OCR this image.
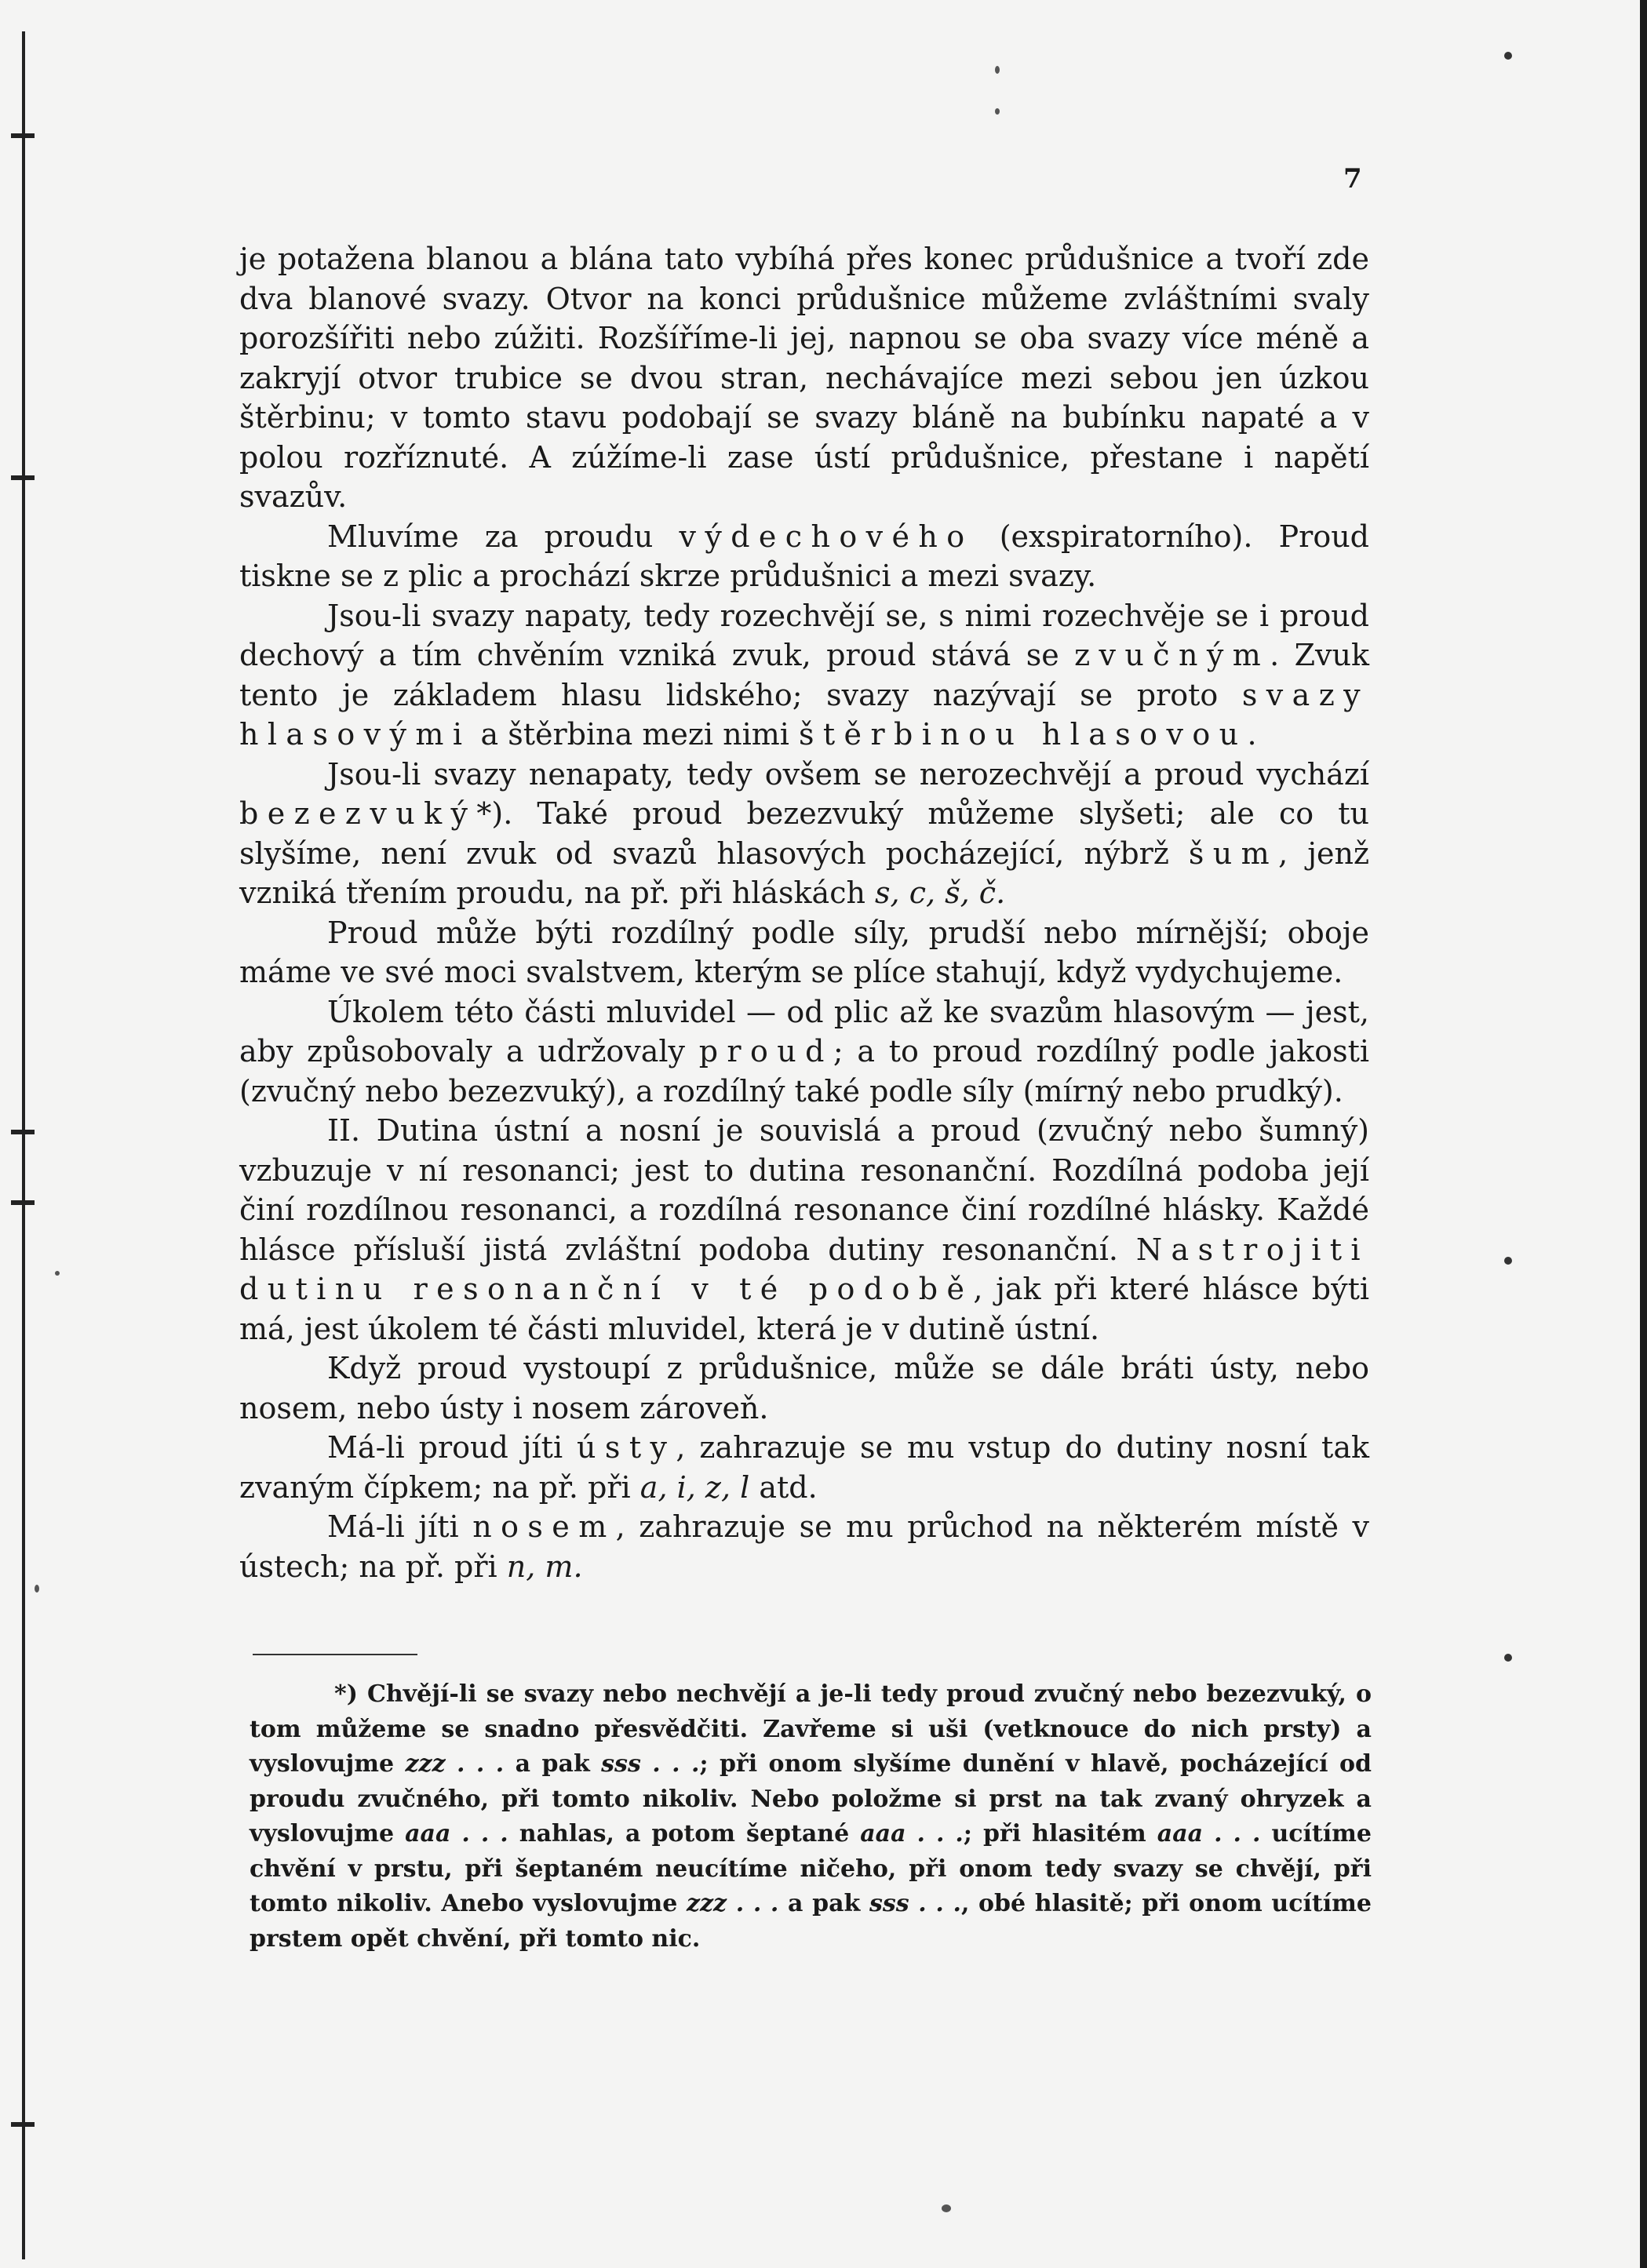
7

je potažena blanou a blána tato vybíhá přes konec průdušnice a tvoří zde dva blanové svazy. Otvor na konci průdušnice můžeme zvláštními svaly porozšířiti nebo zúžiti. Rozšíříme-li jej, napnou se oba svazy více méně a zakryjí otvor trubice se dvou stran, nechávajíce mezi sebou jen úzkou štěrbinu; v tomto stavu podobají se svazy bláně na bubínku napaté a v polou rozříznuté. A zúžíme-li zase ústí průdušnice, přestane i napětí svazův.

Mluvíme za proudu výdechového (exspiratorního). Proud tiskne se z plic a prochází skrze průdušnici a mezi svazy.

Jsou-li svazy napaty, tedy rozechvějí se, s nimi rozechvěje se i proud dechový a tím chvěním vzniká zvuk, proud stává se zvučným. Zvuk tento je základem hlasu lidského; svazy nazývají se proto svazy hlasovými a štěrbina mezi nimi štěrbinou hlasovou.

Jsou-li svazy nenapaty, tedy ovšem se nerozechvějí a proud vychází bezezvuký*). Také proud bezezvuký můžeme slyšeti; ale co tu slyšíme, není zvuk od svazů hlasových pocházející, nýbrž šum, jenž vzniká třením proudu, na př. při hláskách s, c, š, č.

Proud může býti rozdílný podle síly, prudší nebo mírnější; oboje máme ve své moci svalstvem, kterým se plíce stahují, když vydychujeme.

Úkolem této části mluvidel — od plic až ke svazům hlasovým — jest, aby způsobovaly a udržovaly proud; a to proud rozdílný podle jakosti (zvučný nebo bezezvuký), a rozdílný také podle síly (mírný nebo prudký).

II. Dutina ústní a nosní je souvislá a proud (zvučný nebo šumný) vzbuzuje v ní resonanci; jest to dutina resonanční. Rozdílná podoba její činí rozdílnou resonanci, a rozdílná resonance činí rozdílné hlásky. Každé hlásce přísluší jistá zvláštní podoba dutiny resonanční. Nastrojiti dutinu resonanční v té podobě, jak při které hlásce býti má, jest úkolem té části mluvidel, která je v dutině ústní.

Když proud vystoupí z průdušnice, může se dále bráti ústy, nebo nosem, nebo ústy i nosem zároveň.

Má-li proud jíti ústy, zahrazuje se mu vstup do dutiny nosní tak zvaným čípkem; na př. při a, i, z, l atd.

Má-li jíti nosem, zahrazuje se mu průchod na některém místě v ústech; na př. při n, m.

*) Chvějí-li se svazy nebo nechvějí a je-li tedy proud zvučný nebo bezezvuký, o tom můžeme se snadno přesvědčiti. Zavřeme si uši (vetknouce do nich prsty) a vyslovujme zzz . . . a pak sss . . .; při onom slyšíme dunění v hlavě, pocházející od proudu zvučného, při tomto nikoliv. Nebo položme si prst na tak zvaný ohryzek a vyslovujme aaa . . . nahlas, a potom šeptané aaa . . .; při hlasitém aaa . . . ucítíme chvění v prstu, při šeptaném neucítíme ničeho, při onom tedy svazy se chvějí, při tomto nikoliv. Anebo vyslovujme zzz . . . a pak sss . . ., obé hlasitě; při onom ucítíme prstem opět chvění, při tomto nic.
